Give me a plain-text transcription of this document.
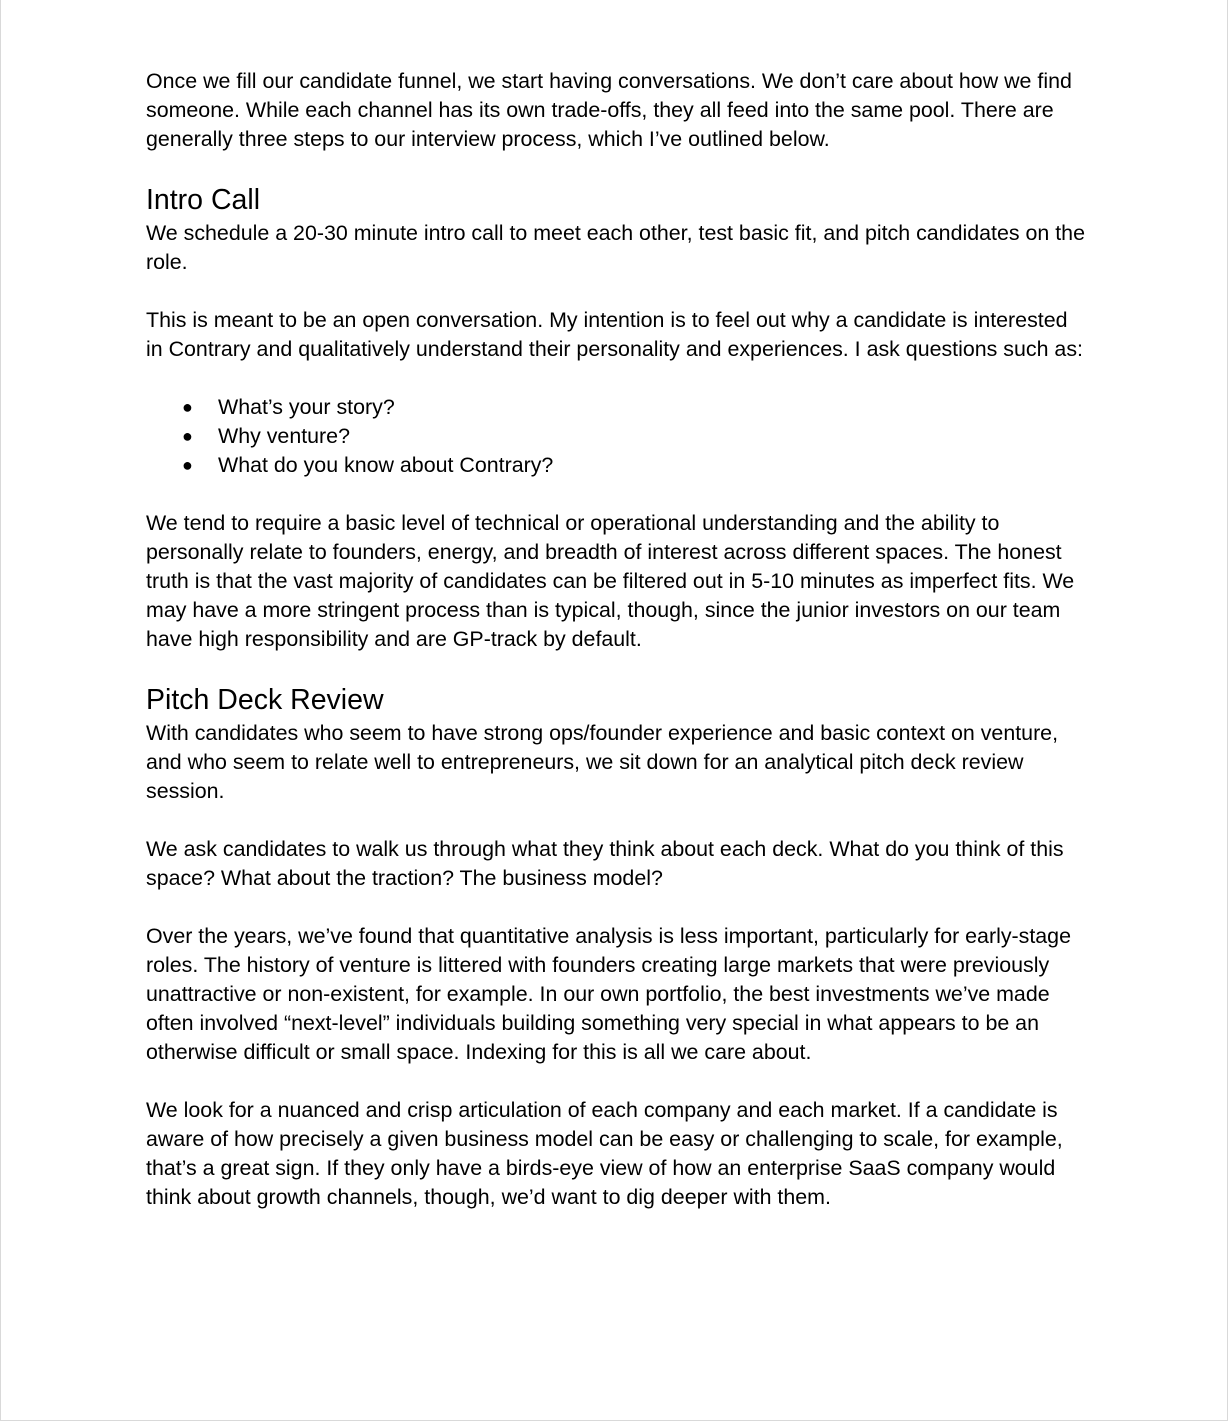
Once we fill our candidate funnel, we start having conversations. We don’t care about how we find someone. While each channel has its own trade-offs, they all feed into the same pool. There are generally three steps to our interview process, which I’ve outlined below.

Intro Call

We schedule a 20-30 minute intro call to meet each other, test basic fit, and pitch candidates on the role.

This is meant to be an open conversation. My intention is to feel out why a candidate is interested in Contrary and qualitatively understand their personality and experiences. I ask questions such as:

● What’s your story?
● Why venture?
● What do you know about Contrary?

We tend to require a basic level of technical or operational understanding and the ability to personally relate to founders, energy, and breadth of interest across different spaces. The honest truth is that the vast majority of candidates can be filtered out in 5-10 minutes as imperfect fits. We may have a more stringent process than is typical, though, since the junior investors on our team have high responsibility and are GP-track by default.

Pitch Deck Review

With candidates who seem to have strong ops/founder experience and basic context on venture, and who seem to relate well to entrepreneurs, we sit down for an analytical pitch deck review session.

We ask candidates to walk us through what they think about each deck. What do you think of this space? What about the traction? The business model?

Over the years, we’ve found that quantitative analysis is less important, particularly for early-stage roles. The history of venture is littered with founders creating large markets that were previously unattractive or non-existent, for example. In our own portfolio, the best investments we’ve made often involved “next-level” individuals building something very special in what appears to be an otherwise difficult or small space. Indexing for this is all we care about.

We look for a nuanced and crisp articulation of each company and each market. If a candidate is aware of how precisely a given business model can be easy or challenging to scale, for example, that’s a great sign. If they only have a birds-eye view of how an enterprise SaaS company would think about growth channels, though, we’d want to dig deeper with them.
